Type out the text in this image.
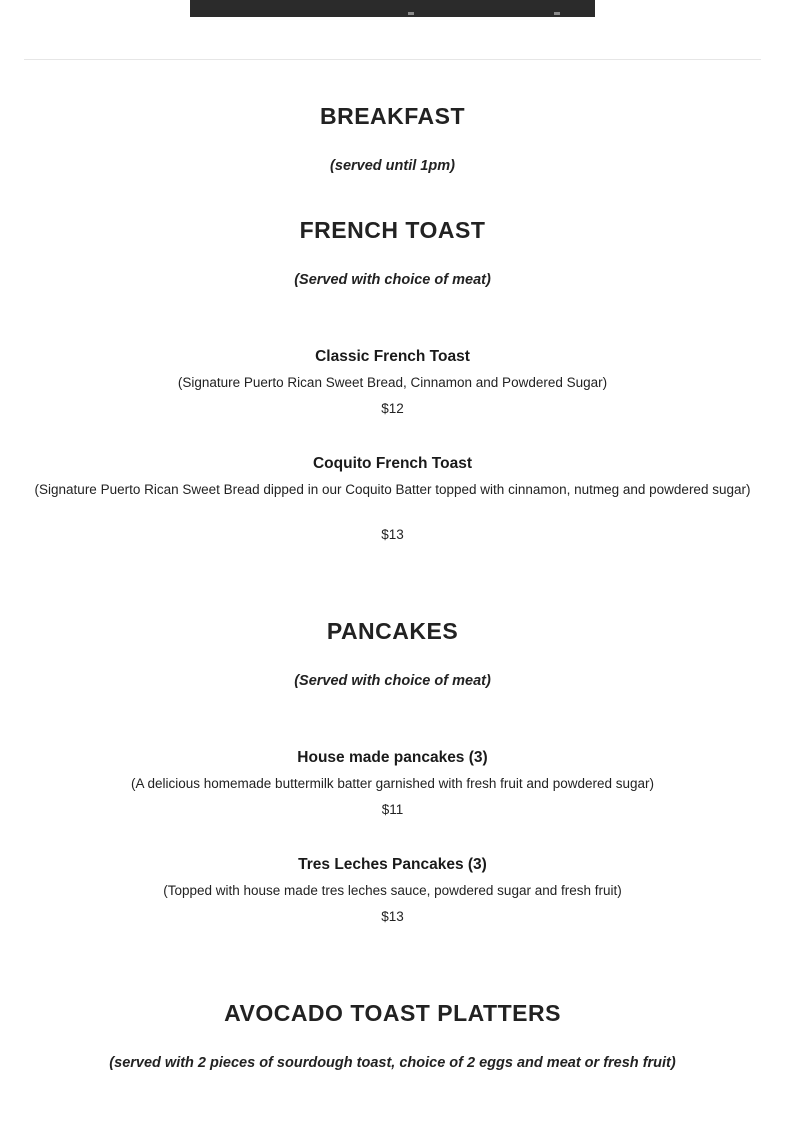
BREAKFAST
(served until 1pm)
FRENCH TOAST
(Served with choice of meat)
Classic French Toast
(Signature Puerto Rican Sweet Bread, Cinnamon and Powdered Sugar)
$12
Coquito French Toast
(Signature Puerto Rican Sweet Bread dipped in our Coquito Batter topped with cinnamon, nutmeg and powdered sugar)
$13
PANCAKES
(Served with choice of meat)
House made pancakes (3)
(A delicious homemade buttermilk batter garnished with fresh fruit and powdered sugar)
$11
Tres Leches Pancakes (3)
(Topped with house made tres leches sauce, powdered sugar and fresh fruit)
$13
AVOCADO TOAST PLATTERS
(served with 2 pieces of sourdough toast, choice of 2 eggs and meat or fresh fruit)
